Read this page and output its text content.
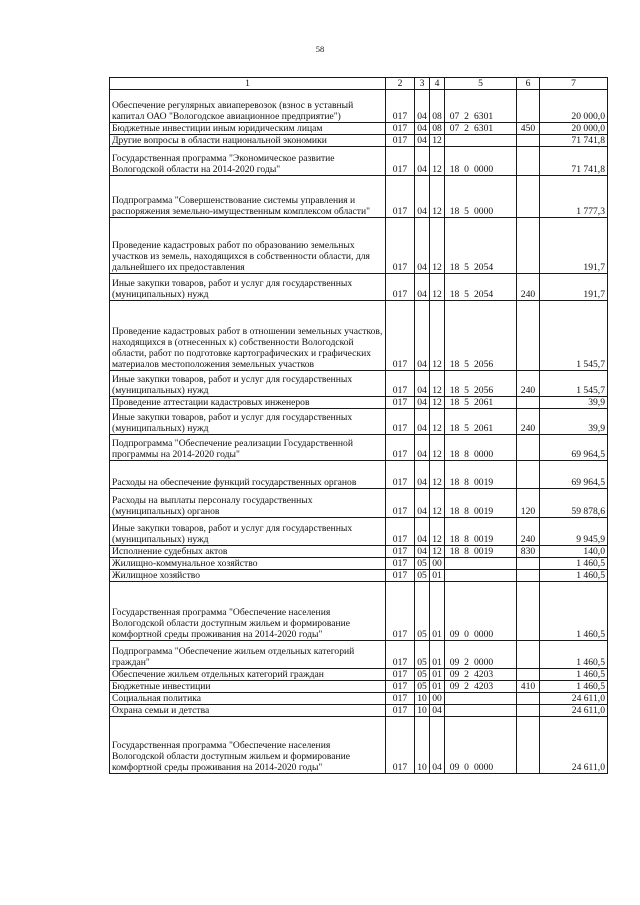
58
1	2	3	4	5	6	7
Обеспечение регулярных авиаперевозок (взнос в уставный капитал ОАО "Вологодское авиационное предприятие")	017	04	08	07 2 6301		20 000,0
Бюджетные инвестиции иным юридическим лицам	017	04	08	07 2 6301	450	20 000,0
Другие вопросы в области национальной экономики	017	04	12			71 741,8
Государственная программа "Экономическое развитие Вологодской области на 2014-2020 годы"	017	04	12	18 0 0000		71 741,8
Подпрограмма "Совершенствование системы управления и распоряжения земельно-имущественным комплексом области"	017	04	12	18 5 0000		1 777,3
Проведение кадастровых работ по образованию земельных участков из земель, находящихся в собственности области, для дальнейшего их предоставления	017	04	12	18 5 2054		191,7
Иные закупки товаров, работ и услуг для государственных (муниципальных) нужд	017	04	12	18 5 2054	240	191,7
Проведение кадастровых работ в отношении земельных участков, находящихся в (отнесенных к) собственности Вологодской области, работ по подготовке картографических и графических материалов местоположения земельных участков	017	04	12	18 5 2056		1 545,7
Иные закупки товаров, работ и услуг для государственных (муниципальных) нужд	017	04	12	18 5 2056	240	1 545,7
Проведение аттестации кадастровых инженеров	017	04	12	18 5 2061		39,9
Иные закупки товаров, работ и услуг для государственных (муниципальных) нужд	017	04	12	18 5 2061	240	39,9
Подпрограмма "Обеспечение реализации Государственной программы на 2014-2020 годы"	017	04	12	18 8 0000		69 964,5
Расходы на обеспечение функций государственных органов	017	04	12	18 8 0019		69 964,5
Расходы на выплаты персоналу государственных (муниципальных) органов	017	04	12	18 8 0019	120	59 878,6
Иные закупки товаров, работ и услуг для государственных (муниципальных) нужд	017	04	12	18 8 0019	240	9 945,9
Исполнение судебных актов	017	04	12	18 8 0019	830	140,0
Жилищно-коммунальное хозяйство	017	05	00			1 460,5
Жилищное хозяйство	017	05	01			1 460,5
Государственная программа "Обеспечение населения Вологодской области доступным жильем и формирование комфортной среды проживания на 2014-2020 годы"	017	05	01	09 0 0000		1 460,5
Подпрограмма "Обеспечение жильем отдельных категорий граждан"	017	05	01	09 2 0000		1 460,5
Обеспечение жильем отдельных категорий граждан	017	05	01	09 2 4203		1 460,5
Бюджетные инвестиции	017	05	01	09 2 4203	410	1 460,5
Социальная политика	017	10	00			24 611,0
Охрана семьи и детства	017	10	04			24 611,0
Государственная программа "Обеспечение населения Вологодской области доступным жильем и формирование комфортной среды проживания на 2014-2020 годы"	017	10	04	09 0 0000		24 611,0
